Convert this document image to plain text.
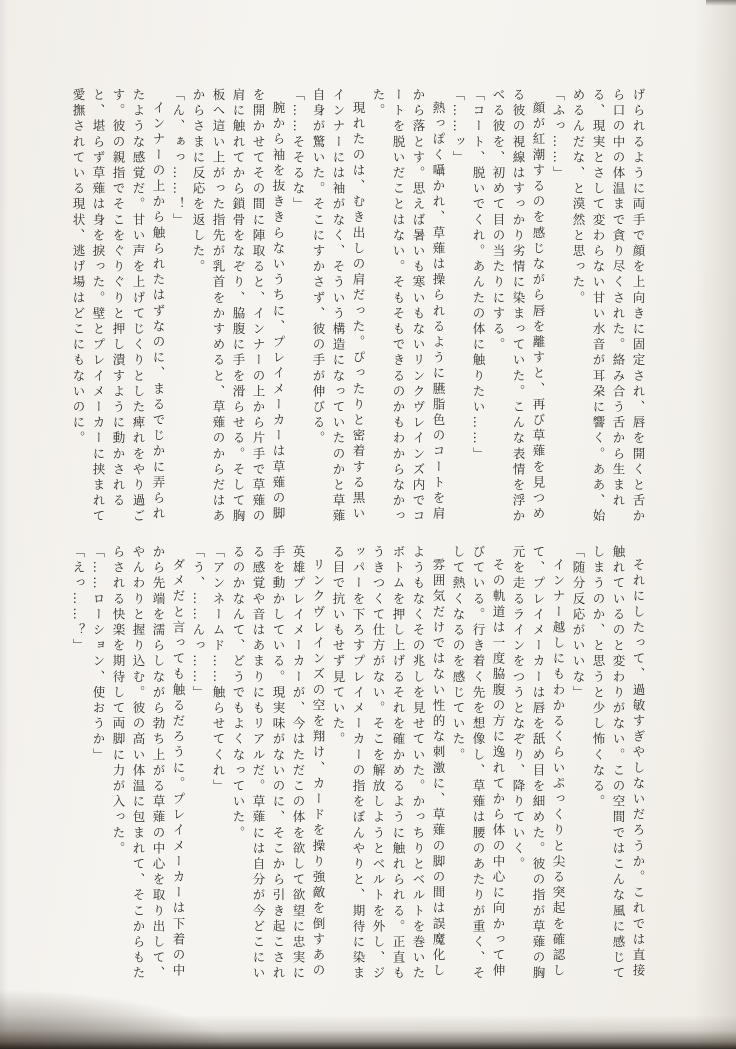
げられるように両手で顔を上向きに固定され、唇を開くと舌から口の中の体温まで貪り尽くされた。絡み合う舌から生まれる、現実とさして変わらない甘い水音が耳朶に響く。ああ、始めるんだな、と漠然と思った。

「ふっ……」

顔が紅潮するのを感じながら唇を離すと、再び草薙を見つめる彼の視線はすっかり劣情に染まっていた。こんな表情を浮かべる彼を、初めて目の当たりにする。

「コート、脱いでくれ。あんたの体に触りたい……」

「……ッ」

熱っぽく囁かれ、草薙は操られるように臙脂色のコートを肩から落とす。思えば暑いも寒いもないリンクヴレインズ内でコートを脱いだことはない。そもそもできるのかもわからなかった。

現れたのは、むき出しの肩だった。ぴったりと密着する黒いインナーには袖がなく、そういう構造になっていたのかと草薙自身が驚いた。そこにすかさず、彼の手が伸びる。

「……そそるな」

腕から袖を抜ききらないうちに、プレイメーカーは草薙の脚を開かせてその間に陣取ると、インナーの上から片手で草薙の肩に触れてから鎖骨をなぞり、脇腹に手を滑らせる。そして胸板へ這い上がった指先が乳首をかすめると、草薙のからだはあからさまに反応を返した。

「ん、ぁっ……！」

インナーの上から触られたはずなのに、まるでじかに弄られたような感覚だ。甘い声を上げてじくりとした痺れをやり過ごす。彼の親指でそこをぐりぐりと押し潰すように動かされると、堪らず草薙は身を捩った。壁とプレイメーカーに挟まれて愛撫されている現状、逃げ場はどこにもないのに。

それにしたって、過敏すぎやしないだろうか。これでは直接触れているのと変わりがない。この空間ではこんな風に感じてしまうのか、と思うと少し怖くなる。

「随分反応がいいな」

インナー越しにもわかるくらいぷっくりと尖る突起を確認して、プレイメーカーは唇を舐め目を細めた。彼の指が草薙の胸元を走るラインをつうとなぞり、降りていく。

その軌道は一度脇腹の方に逸れてから体の中心に向かって伸びている。行き着く先を想像し、草薙は腰のあたりが重く、そして熱くなるのを感じていた。

雰囲気だけではない性的な刺激に、草薙の脚の間は誤魔化しようもなくその兆しを見せていた。かっちりとベルトを巻いたボトムを押し上げるそれを確かめるように触れられる。正直もうきつくて仕方がない。そこを解放しようとベルトを外し、ジッパーを下ろすプレイメーカーの指をぼんやりと、期待に染まる目で抗いもせず見ていた。

リンクヴレインズの空を翔け、カードを操り強敵を倒すあの英雄プレイメーカーが、今はただこの体を欲して欲望に忠実に手を動かしている。現実味がないのに、そこから引き起こされる感覚や音はあまりにもリアルだ。草薙には自分が今どこにいるのかなんて、どうでもよくなっていた。

「アンネームド……触らせてくれ」

「う、……んっ……」

ダメだと言っても触るだろうに。プレイメーカーは下着の中から先端を濡らしながら勃ち上がる草薙の中心を取り出して、やんわりと握り込む。彼の高い体温に包まれて、そこからもたらされる快楽を期待して両脚に力が入った。

「……ローション、使おうか」

「えっ……？」
